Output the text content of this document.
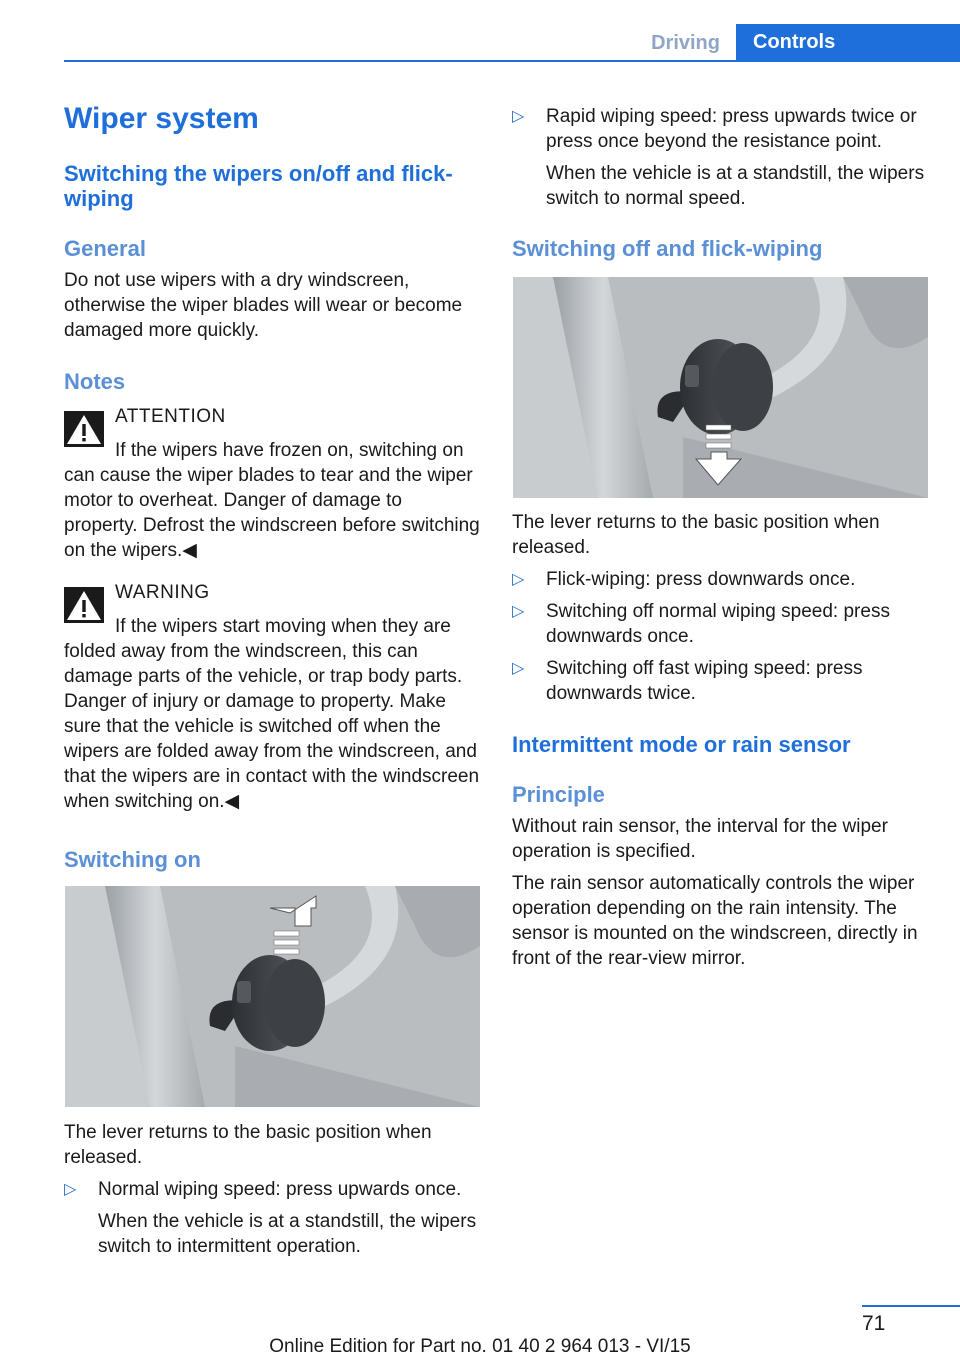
Driving	Controls
Wiper system
Switching the wipers on/off and flick-wiping
General
Do not use wipers with a dry windscreen, otherwise the wiper blades will wear or become damaged more quickly.
Notes
ATTENTION
If the wipers have frozen on, switching on can cause the wiper blades to tear and the wiper motor to overheat. Danger of damage to property. Defrost the windscreen before switching on the wipers.◀
WARNING
If the wipers start moving when they are folded away from the windscreen, this can damage parts of the vehicle, or trap body parts. Danger of injury or damage to property. Make sure that the vehicle is switched off when the wipers are folded away from the windscreen, and that the wipers are in contact with the windscreen when switching on.◀
Switching on
The lever returns to the basic position when released.
▷ Normal wiping speed: press upwards once.
When the vehicle is at a standstill, the wipers switch to intermittent operation.
▷ Rapid wiping speed: press upwards twice or press once beyond the resistance point.
When the vehicle is at a standstill, the wipers switch to normal speed.
Switching off and flick-wiping
The lever returns to the basic position when released.
▷ Flick-wiping: press downwards once.
▷ Switching off normal wiping speed: press downwards once.
▷ Switching off fast wiping speed: press downwards twice.
Intermittent mode or rain sensor
Principle
Without rain sensor, the interval for the wiper operation is specified.
The rain sensor automatically controls the wiper operation depending on the rain intensity. The sensor is mounted on the windscreen, directly in front of the rear-view mirror.
71
Online Edition for Part no. 01 40 2 964 013 - VI/15
